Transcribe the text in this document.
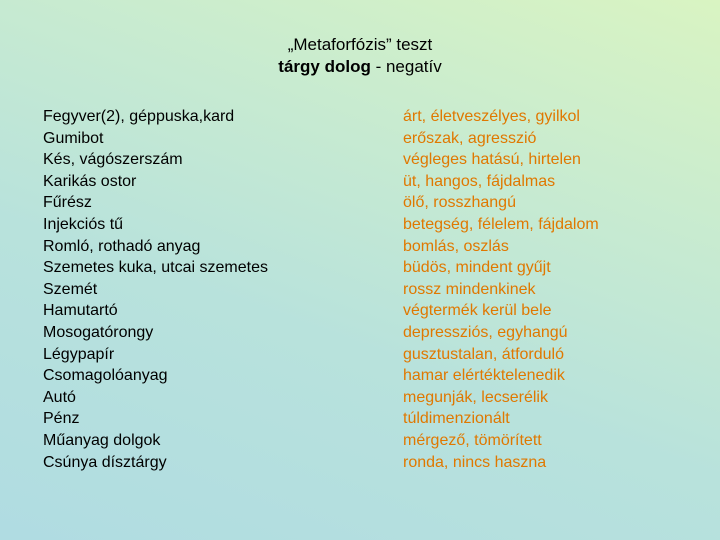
„Metaforfózis” teszt
tárgy dolog - negatív
Fegyver(2), géppuska,kard
Gumibot
Kés, vágószerszám
Karikás ostor
Fűrész
Injekciós tű
Romló, rothadó anyag
Szemetes kuka, utcai szemetes
Szemét
Hamutartó
Mosogatórongy
Légypapír
Csomagolóanyag
Autó
Pénz
Műanyag dolgok
Csúnya dísztárgy
árt, életveszélyes, gyilkol
erőszak, agresszió
végleges hatású, hirtelen
üt, hangos, fájdalmas
ölő, rosszhangú
betegség, félelem, fájdalom
bomlás, oszlás
büdös, mindent gyűjt
rossz mindenkinek
végtermék kerül bele
depressziós, egyhangú
gusztustalan, átforduló
hamar elértéktelenedik
megunják, lecserélik
túldimenzionált
mérgező, tömörített
ronda, nincs haszna
